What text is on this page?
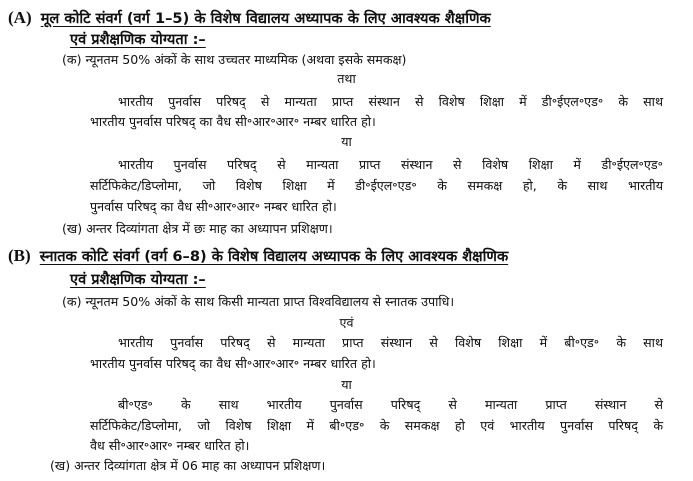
(A) मूल कोटि संवर्ग (वर्ग 1–5) के विशेष विद्यालय अध्यापक के लिए आवश्यक शैक्षणिक
एवं प्रशैक्षणिक योग्यता :–
(क) न्यूनतम 50% अंकों के साथ उच्चतर माध्यमिक (अथवा इसके समकक्ष)
तथा
भारतीय पुनर्वास परिषद् से मान्यता प्राप्त संस्थान से विशेष शिक्षा में डी॰ईएल॰एड॰ के साथ
भारतीय पुनर्वास परिषद् का वैध सी॰आर॰आर॰ नम्बर धारित हो।
या
भारतीय पुनर्वास परिषद् से मान्यता प्राप्त संस्थान से विशेष शिक्षा में डी॰ईएल॰एड॰
सर्टिफिकेट/डिप्लोमा, जो विशेष शिक्षा में डी॰ईएल॰एड॰ के समकक्ष हो, के साथ भारतीय
पुनर्वास परिषद् का वैध सी॰आर॰आर॰ नम्बर धारित हो।
(ख) अन्तर दिव्यांगता क्षेत्र में छः माह का अध्यापन प्रशिक्षण।
(B) स्नातक कोटि संवर्ग (वर्ग 6–8) के विशेष विद्यालय अध्यापक के लिए आवश्यक शैक्षणिक
एवं प्रशैक्षणिक योग्यता :–
(क) न्यूनतम 50% अंकों के साथ किसी मान्यता प्राप्त विश्वविद्यालय से स्नातक उपाधि।
एवं
भारतीय पुनर्वास परिषद् से मान्यता प्राप्त संस्थान से विशेष शिक्षा में बी॰एड॰ के साथ
भारतीय पुनर्वास परिषद् का वैध सी॰आर॰आर॰ नम्बर धारित हो।
या
बी॰एड॰ के साथ भारतीय पुनर्वास परिषद् से मान्यता प्राप्त संस्थान से
सर्टिफिकेट/डिप्लोमा, जो विशेष शिक्षा में बी॰एड॰ के समकक्ष हो एवं भारतीय पुनर्वास परिषद् के
वैध सी॰आर॰आर॰ नम्बर धारित हो।
(ख) अन्तर दिव्यांगता क्षेत्र में 06 माह का अध्यापन प्रशिक्षण।
